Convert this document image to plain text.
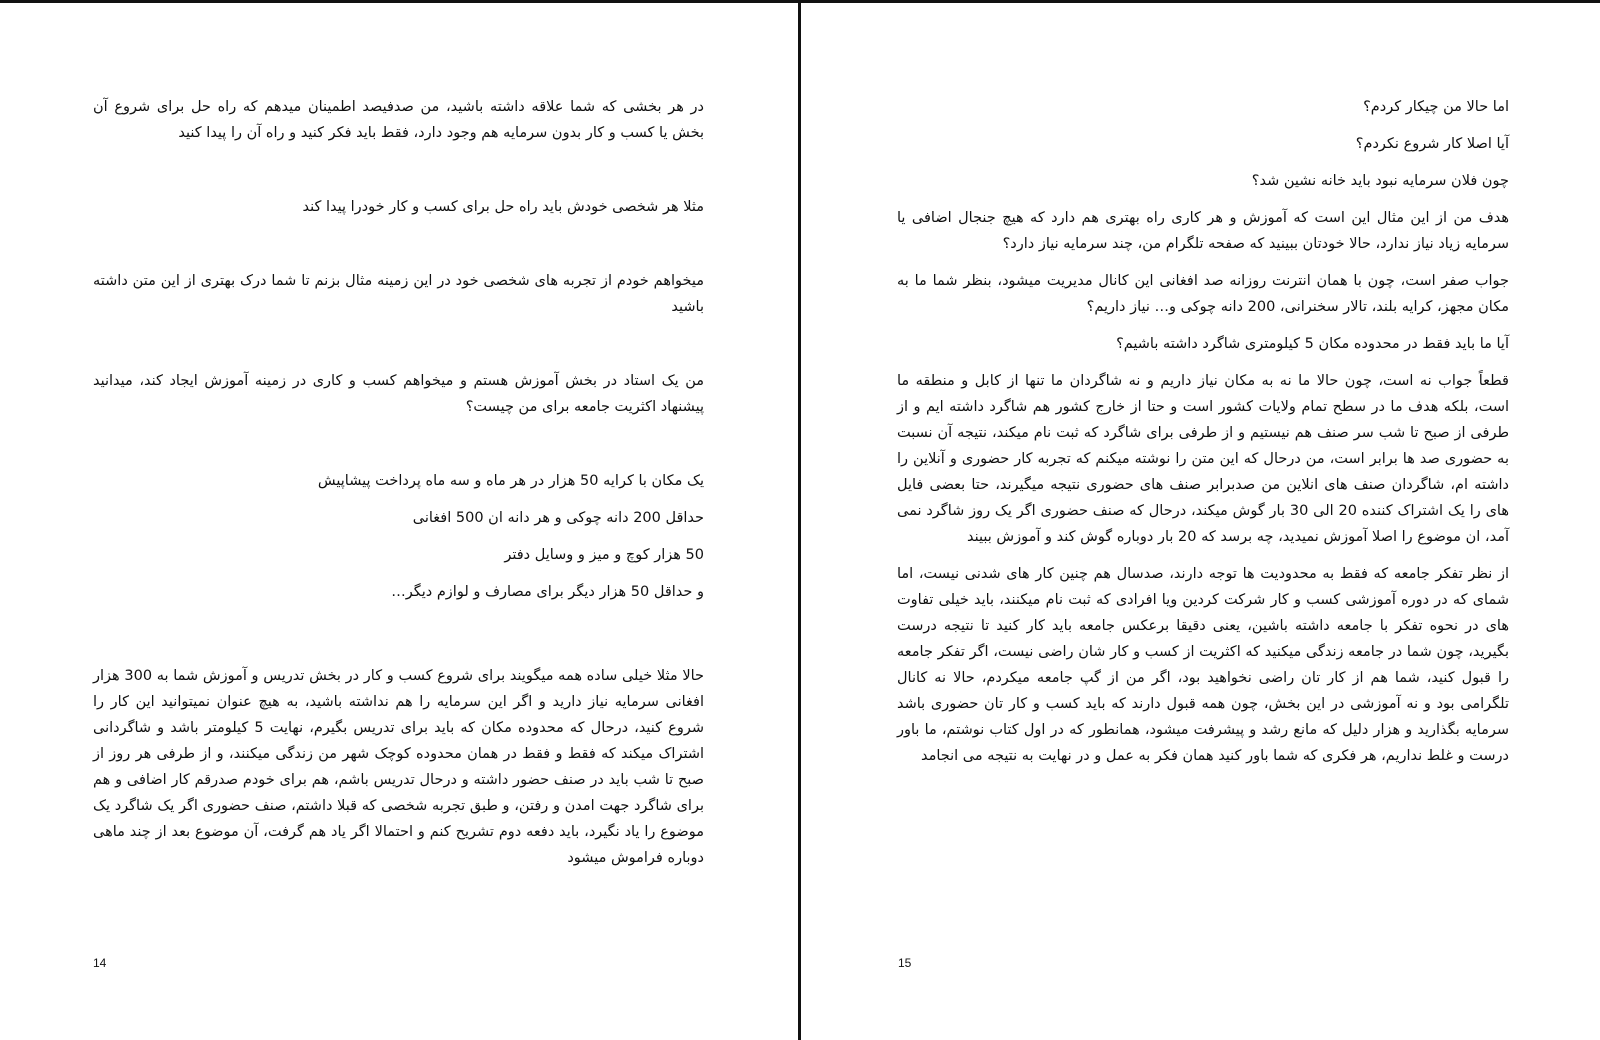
در هر بخشی که شما علاقه داشته باشید، من صدفیصد اطمینان میدهم که راه حل برای شروع آن بخش یا کسب و کار بدون سرمایه هم وجود دارد، فقط باید فکر کنید و راه آن را پیدا کنید

مثلا هر شخصی خودش باید راه حل برای کسب و کار خودرا پیدا کند

میخواهم خودم از تجربه های شخصی خود در این زمینه مثال بزنم تا شما درک بهتری از این متن داشته باشید

من یک استاد در بخش آموزش هستم و میخواهم کسب و کاری در زمینه آموزش ایجاد کند، میدانید پیشنهاد اکثریت جامعه برای من چیست؟

یک مکان با کرایه 50 هزار در هر ماه و سه ماه پرداخت پیشاپیش

حداقل 200 دانه چوکی و هر دانه ان 500 افغانی

50 هزار کوچ و میز و وسایل دفتر

و حداقل 50 هزار دیگر برای مصارف و لوازم دیگر…

حالا مثلا خیلی ساده همه میگویند برای شروع کسب و کار در بخش تدریس و آموزش شما به 300 هزار افغانی سرمایه نیاز دارید و اگر این سرمایه را هم نداشته باشید، به هیچ عنوان نمیتوانید این کار را شروع کنید، درحال که محدوده مکان که باید برای تدریس بگیرم، نهایت 5 کیلومتر باشد و شاگردانی اشتراک میکند که فقط و فقط در همان محدوده کوچک شهر من زندگی میکنند، و از طرفی هر روز از صبح تا شب باید در صنف حضور داشته و درحال تدریس باشم، هم برای خودم صدرقم کار اضافی و هم برای شاگرد جهت امدن و رفتن، و طبق تجربه شخصی که قبلا داشتم، صنف حضوری اگر یک شاگرد یک موضوع را یاد نگیرد، باید دفعه دوم تشریح کنم و احتمالا اگر یاد هم گرفت، آن موضوع بعد از چند ماهی دوباره فراموش میشود

14

اما حالا من چیکار کردم؟

آیا اصلا کار شروع نکردم؟

چون فلان سرمایه نبود باید خانه نشین شد؟

هدف من از این مثال این است که آموزش و هر کاری راه بهتری هم دارد که هیچ جنجال اضافی یا سرمایه زیاد نیاز ندارد، حالا خودتان ببینید که صفحه تلگرام من، چند سرمایه نیاز دارد؟

جواب صفر است، چون با همان انترنت روزانه صد افغانی این کانال مدیریت میشود، بنظر شما ما به مکان مجهز، کرایه بلند، تالار سخنرانی، 200 دانه چوکی و… نیاز داریم؟

آیا ما باید فقط در محدوده مکان 5 کیلومتری شاگرد داشته باشیم؟

قطعاً جواب نه است، چون حالا ما نه به مکان نیاز داریم و نه شاگردان ما تنها از کابل و منطقه ما است، بلکه هدف ما در سطح تمام ولایات کشور است و حتا از خارج کشور هم شاگرد داشته ایم و از طرفی از صبح تا شب سر صنف هم نیستیم و از طرفی برای شاگرد که ثبت نام میکند، نتیجه آن نسبت به حضوری صد ها برابر است، من درحال که این متن را نوشته میکنم که تجربه کار حضوری و آنلاین را داشته ام، شاگردان صنف های انلاین من صدبرابر صنف های حضوری نتیجه میگیرند، حتا بعضی فایل های را یک اشتراک کننده 20 الی 30 بار گوش میکند، درحال که صنف حضوری اگر یک روز شاگرد نمی آمد، ان موضوع را اصلا آموزش نمیدید، چه برسد که 20 بار دوباره گوش کند و آموزش ببیند

از نظر تفکر جامعه که فقط به محدودیت ها توجه دارند، صدسال هم چنین کار های شدنی نیست، اما شمای که در دوره آموزشی کسب و کار شرکت کردین ویا افرادی که ثبت نام میکنند، باید خیلی تفاوت های در نحوه تفکر با جامعه داشته باشین، یعنی دقیقا برعکس جامعه باید کار کنید تا نتیجه درست بگیرید، چون شما در جامعه زندگی میکنید که اکثریت از کسب و کار شان راضی نیست، اگر تفکر جامعه را قبول کنید، شما هم از کار تان راضی نخواهید بود، اگر من از گپ جامعه میکردم، حالا نه کانال تلگرامی بود و نه آموزشی در این بخش، چون همه قبول دارند که باید کسب و کار تان حضوری باشد سرمایه بگذارید و هزار دلیل که مانع رشد و پیشرفت میشود، همانطور که در اول کتاب نوشتم، ما باور درست و غلط نداریم، هر فکری که شما باور کنید همان فکر به عمل و در نهایت به نتیجه می انجامد

15
